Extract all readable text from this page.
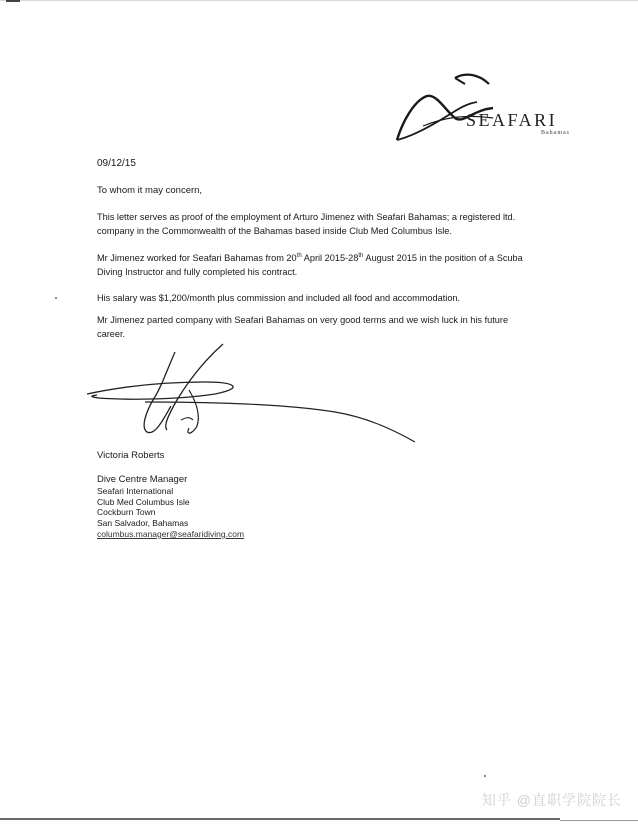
SEAFARI
Bahamas
09/12/15
To whom it may concern,
This letter serves as proof of the employment of Arturo Jimenez with Seafari Bahamas; a registered ltd.
company in the Commonwealth of the Bahamas based inside Club Med Columbus Isle.
Mr Jimenez worked for Seafari Bahamas from 20th April 2015-28th August 2015 in the position of a Scuba
Diving Instructor and fully completed his contract.
His salary was $1,200/month plus commission and included all food and accommodation.
Mr Jimenez parted company with Seafari Bahamas on very good terms and we wish luck in his future
career.
Victoria Roberts
Dive Centre Manager
Seafari International
Club Med Columbus Isle
Cockburn Town
San Salvador, Bahamas
columbus.manager@seafaridiving.com
知乎 @直职学院院长
